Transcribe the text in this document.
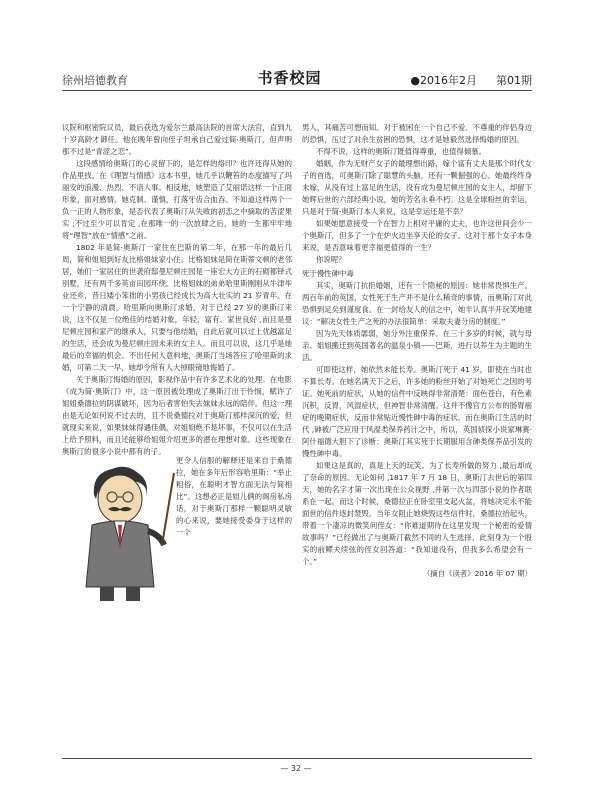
徐州培德教育	书香校园	●2016年2月	第01期

议院和枢密院议员，最后获选为爱尔兰最高法院的首席大法官，直到九十岁高龄才御任。他在晚年曾向侄子坦承自己爱过简·奥斯汀，但声明那不过是“青涩之恋”。

这段感情给奥斯汀的心灵留下的，是怎样的烙印？也许还得从她的作品里找。在《理智与情感》这本书里，她几乎以鞭笞的态度描写了玛丽安的浪漫、热烈、不谙人事。相反地，她塑造了艾丽诺这样一个正面形象，面对感情，她克制、谨慎，打落牙齿合血吞。不知道这样两个一负一正的人物形象，是否代表了奥斯汀从失败的初恋之中摘取的苦涩果实 ;不过至少可以肯定 ,在那唯一的一次放肆之后，她的一生都牢牢地将“理智”放在“情感”之前。

1802 年是简·奥斯汀一家住在巴斯的第二年，在那一年的最后几周，简和姐姐到好友比格姐妹家小住。比格姐妹是简在斯蒂文顿的老邻居，她们一家居住的世袭府邸曼尼顿庄园是一座宏大方正的石砌都铎式别墅，还有两千多英亩田园环绕。比格姐妹的弟弟哈里斯刚刚从牛津毕业还乡，昔日矮小笨拙的小男孩已经成长为高大壮实的 21 岁青年。在一个宁静的清晨，哈里斯向奥斯汀求婚，对于已经 27 岁的奥斯汀来说，这不仅是一位绝佳的结婚对象，年轻、富有、家世良好 ,而且是曼尼顿庄园和家产的继承人，只要与他结婚，自此后就可以过上优越富足的生活，还会成为曼尼顿庄园未来的女主人。而且可以说，这几乎是她最后的幸福的机会。不出任何人意料地，奥斯汀当场答应了哈里斯的求婚，可第二天一早，她却令所有人大掉眼镜地悔婚了。

关于奥斯汀悔婚的原因，影视作品中有许多艺术化的处理。在电影《成为简·奥斯汀》中，这一原因被处理成了奥斯汀出于怜悯，赋许了姐姐桑德拉的阴谋破坏，因为后者害怕失去妹妹永远的陪伴。但这一理由是无论如何说不过去的，且不说桑德拉对于奥斯汀那样深沉的爱，但就现实来说，如果妹妹得遇佳偶，对姐姐绝不是坏事，不仅可以在生活上给予照料，而且还能够给姐姐介绍更多的潜在理想对象。这些现象在奥斯汀的很多小说中都有的子。

更令人信服的解释还是来自于桑德拉，她在多年后形容哈里斯：“举止粗俗，在聪明才智方面无法与简相比”。这想必正是姐儿俩的阁房私房话，对于奥斯汀那样一颗聪明灵敏的心来说，要她接受委身于这样的一个

男人，其痛苦可想而知。对于被困在一个自己不爱、不尊重的伴侣身边的恐惧，压过了对余生贫困的恐惧，这才是她毅然选择悔婚的原因。

不得不说，这样的奥斯汀既值得尊重，也值得倾慕。

婚姻，作为无财产女子的最理想出路，嫁个富有丈夫是那个时代女子的首选，可奥斯汀除了聪慧的头脑，还有一颗倔强的心。她最终终身未嫁，从没有过上富足的生活，没有成为曼尼顿庄园的女主人，却留下她辉后世的六部经典小说，她的芳名永垂不朽。这是全球粉丝的幸运，只是对于简·奥斯汀本人来说，这是幸运还是不幸？

如果她愿意接受一个在智力上相对平庸的丈夫，也许这世间会少一个奥斯汀，但多了一个在炉火边坐享天伦的女子。这对于那个女子本身来说，是否意味着更幸福更值得的一生？

你说呢？

死于慢性砷中毒

其实，奥斯汀抗拒婚姻，还有一个隐秘的原因：她非常畏惧生产。两百年前的英国，女性死于生产并不是什么稀奇的事情，而奥斯汀对此恐惧到足矣到谨度食。在一封给友人的信之中，她半认真半开玩笑地建议：“解决女性生产之死的办法很简单：采取夫妻分房的制度。”

因为先天体质孱弱，她分外注重保养。在三十多岁的时候，就与母亲、姐姐搬迁到英国著名的温泉小镇——巴斯，进行以养生为主题的生活。

可即使这样，她依然未能长寿。奥斯汀死于 41 岁，即使在当时也不算长寿。在她名满天下之后，许多她的粉丝开始了对她死亡之因的考证。她死前的症状，从她的信件中反映得非常清楚：面色苍白，有色素沉积，反胃，风湿症状，但神智非常清醒。这并不像官方公布的肠胃癌症的晚期症状，反而非常贴近慢性砷中毒的症状。而在奥斯汀生活的时代 ,砷被广泛应用于风湿类保养药汁之中，所以，英国侦探小说家琳赛·阿什福德大胆下了诊断：奥斯汀其实死于长期服用含砷类保养品引发的慢性砷中毒。

如果这是真的，真是上天的玩笑。为了长寿所做的努力 ,最后却成了奈命的原因。无论如何 ,1817 年 7 月 18 日，奥斯汀去世后的第四天，她的名字才第一次出现在公众视野 ,并第一次与四部小说的作者联系在一起。而这个时候，桑德拉正在卧室里支起火盆，将她决定永不能面世的信件逐封焚毁。当年女阻止她烧毁这些信件时，桑德拉抬起头，带着一个凄凉的微笑问侄女：“你难道期待在这里发现一个秘密的爱情故事吗？”已经做出了与奥斯汀截然不同的人生选择、此刻身为一个殷实的前鳏夫续弦的侄女回答道：“我知道没有，但我多么希望会有一个。”

（摘自《读者》2016 年 07 期）

— 32 —
